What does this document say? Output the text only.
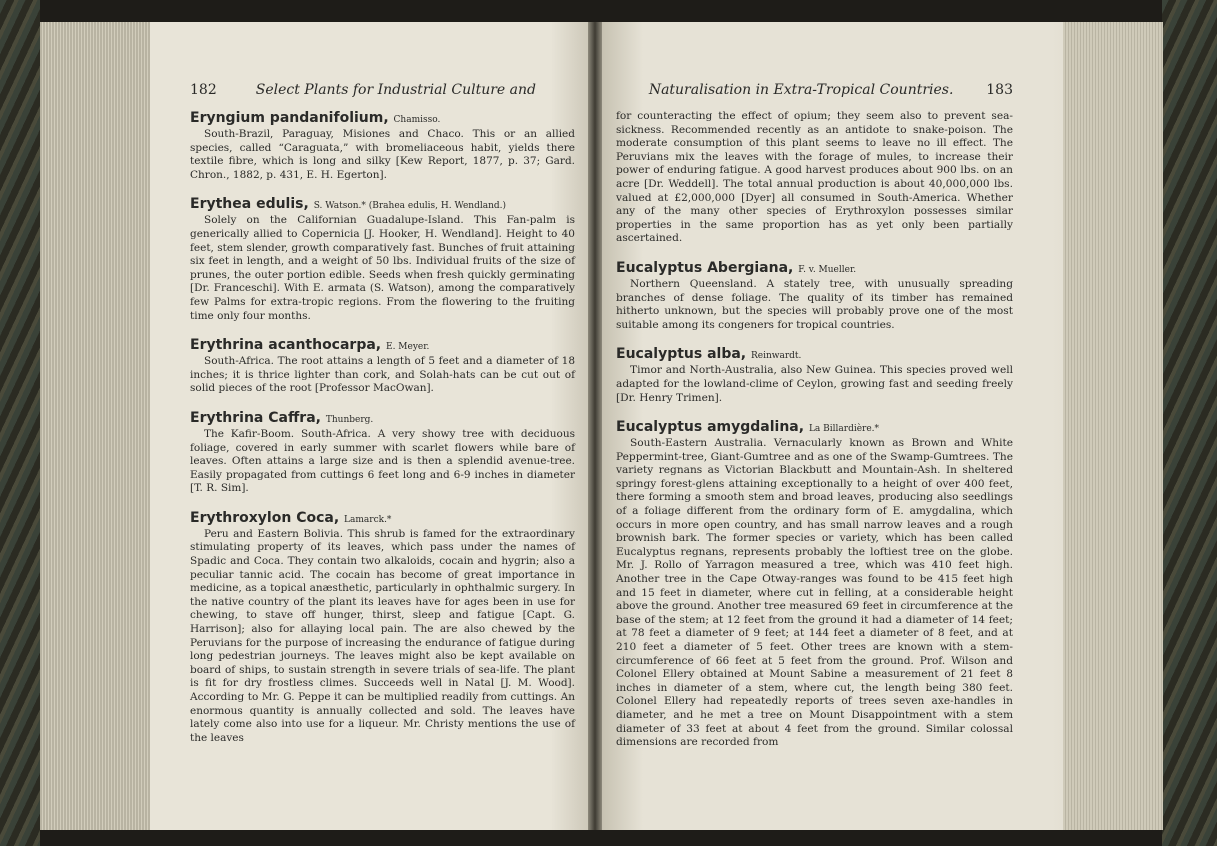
182	Select Plants for Industrial Culture and
Eryngium pandanifolium, Chamisso.

South-Brazil, Paraguay, Misiones and Chaco. This or an allied species, called “Caraguata,” with bromeliaceous habit, yields there textile fibre, which is long and silky [Kew Report, 1877, p. 37; Gard. Chron., 1882, p. 431, E. H. Egerton].

Erythea edulis, S. Watson.* (Brahea edulis, H. Wendland.)

Solely on the Californian Guadalupe-Island. This Fan-palm is generically allied to Copernicia [J. Hooker, H. Wendland]. Height to 40 feet, stem slender, growth comparatively fast. Bunches of fruit attaining six feet in length, and a weight of 50 lbs. Individual fruits of the size of prunes, the outer portion edible. Seeds when fresh quickly germinating [Dr. Franceschi]. With E. armata (S. Watson), among the comparatively few Palms for extra-tropic regions. From the flowering to the fruiting time only four months.

Erythrina acanthocarpa, E. Meyer.

South-Africa. The root attains a length of 5 feet and a diameter of 18 inches; it is thrice lighter than cork, and Solah-hats can be cut out of solid pieces of the root [Professor MacOwan].

Erythrina Caffra, Thunberg.

The Kafir-Boom. South-Africa. A very showy tree with deciduous foliage, covered in early summer with scarlet flowers while bare of leaves. Often attains a large size and is then a splendid avenue-tree. Easily propagated from cuttings 6 feet long and 6-9 inches in diameter [T. R. Sim].

Erythroxylon Coca, Lamarck.*

Peru and Eastern Bolivia. This shrub is famed for the extraordinary stimulating property of its leaves, which pass under the names of Spadic and Coca. They contain two alkaloids, cocain and hygrin; also a peculiar tannic acid. The cocain has become of great importance in medicine, as a topical anæsthetic, particularly in ophthalmic surgery. In the native country of the plant its leaves have for ages been in use for chewing, to stave off hunger, thirst, sleep and fatigue [Capt. G. Harrison]; also for allaying local pain. The are also chewed by the Peruvians for the purpose of increasing the endurance of fatigue during long pedestrian journeys. The leaves might also be kept available on board of ships, to sustain strength in severe trials of sea-life. The plant is fit for dry frostless climes. Succeeds well in Natal [J. M. Wood]. According to Mr. G. Peppe it can be multiplied readily from cuttings. An enormous quantity is annually collected and sold. The leaves have lately come also into use for a liqueur. Mr. Christy mentions the use of the leaves

Naturalisation in Extra-Tropical Countries. 183

for counteracting the effect of opium; they seem also to prevent sea-sickness. Recommended recently as an antidote to snake-poison. The moderate consumption of this plant seems to leave no ill effect. The Peruvians mix the leaves with the forage of mules, to increase their power of enduring fatigue. A good harvest produces about 900 lbs. on an acre [Dr. Weddell]. The total annual production is about 40,000,000 lbs. valued at £2,000,000 [Dyer] all consumed in South-America. Whether any of the many other species of Erythroxylon possesses similar properties in the same proportion has as yet only been partially ascertained.

Eucalyptus Abergiana, F. v. Mueller.

Northern Queensland. A stately tree, with unusually spreading branches of dense foliage. The quality of its timber has remained hitherto unknown, but the species will probably prove one of the most suitable among its congeners for tropical countries.

Eucalyptus alba, Reinwardt.

Timor and North-Australia, also New Guinea. This species proved well adapted for the lowland-clime of Ceylon, growing fast and seeding freely [Dr. Henry Trimen].

Eucalyptus amygdalina, La Billardière.*

South-Eastern Australia. Vernacularly known as Brown and White Peppermint-tree, Giant-Gumtree and as one of the Swamp-Gumtrees. The variety regnans as Victorian Blackbutt and Mountain-Ash. In sheltered springy forest-glens attaining exceptionally to a height of over 400 feet, there forming a smooth stem and broad leaves, producing also seedlings of a foliage different from the ordinary form of E. amygdalina, which occurs in more open country, and has small narrow leaves and a rough brownish bark. The former species or variety, which has been called Eucalyptus regnans, represents probably the loftiest tree on the globe. Mr. J. Rollo of Yarragon measured a tree, which was 410 feet high. Another tree in the Cape Otway-ranges was found to be 415 feet high and 15 feet in diameter, where cut in felling, at a considerable height above the ground. Another tree measured 69 feet in circumference at the base of the stem; at 12 feet from the ground it had a diameter of 14 feet; at 78 feet a diameter of 9 feet; at 144 feet a diameter of 8 feet, and at 210 feet a diameter of 5 feet. Other trees are known with a stem-circumference of 66 feet at 5 feet from the ground. Prof. Wilson and Colonel Ellery obtained at Mount Sabine a measurement of 21 feet 8 inches in diameter of a stem, where cut, the length being 380 feet. Colonel Ellery had repeatedly reports of trees seven axe-handles in diameter, and he met a tree on Mount Disappointment with a stem diameter of 33 feet at about 4 feet from the ground. Similar colossal dimensions are recorded from
